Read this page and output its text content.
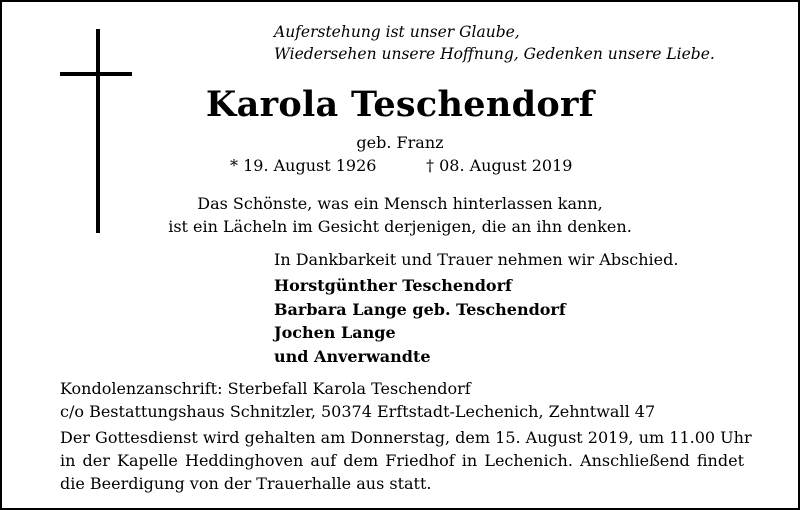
Auferstehung ist unser Glaube,
Wiedersehen unsere Hoffnung, Gedenken unsere Liebe.
Karola Teschendorf
geb. Franz
* 19. August 1926	† 08. August 2019
Das Schönste, was ein Mensch hinterlassen kann,
ist ein Lächeln im Gesicht derjenigen, die an ihn denken.
In Dankbarkeit und Trauer nehmen wir Abschied.
Horstgünther Teschendorf
Barbara Lange geb. Teschendorf
Jochen Lange
und Anverwandte
Kondolenzanschrift: Sterbefall Karola Teschendorf
c/o Bestattungshaus Schnitzler, 50374 Erftstadt-Lechenich, Zehntwall 47
Der Gottesdienst wird gehalten am Donnerstag, dem 15. August 2019, um 11.00 Uhr
in der Kapelle Heddinghoven auf dem Friedhof in Lechenich. Anschließend findet
die Beerdigung von der Trauerhalle aus statt.
